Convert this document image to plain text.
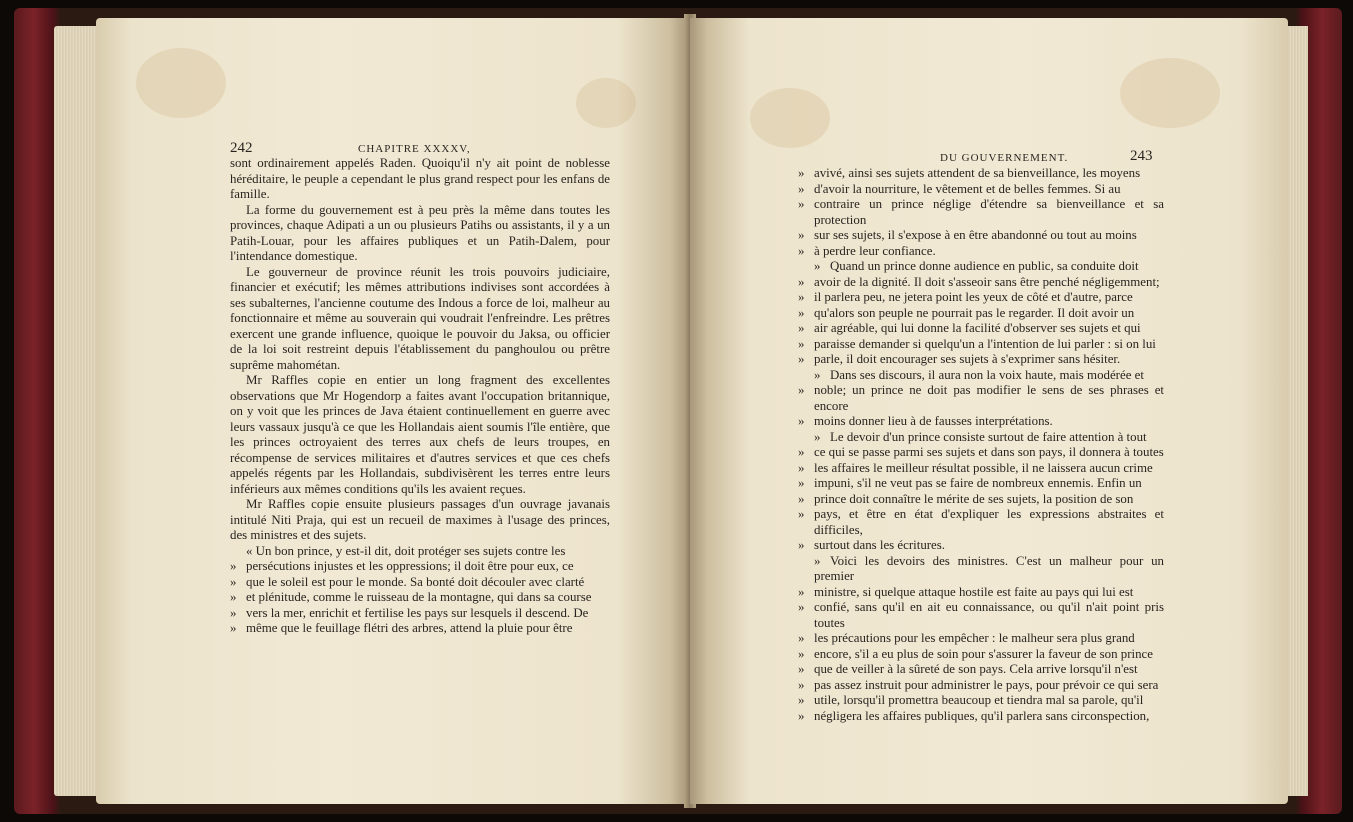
242	CHAPITRE XXXXV,

sont ordinairement appelés Raden. Quoiqu'il n'y ait point de noblesse héréditaire, le peuple a cependant le plus grand respect pour les enfans de famille.

La forme du gouvernement est à peu près la même dans toutes les provinces, chaque Adipati a un ou plusieurs Patihs ou assistants, il y a un Patih-Louar, pour les affaires publiques et un Patih-Dalem, pour l'intendance domestique.

Le gouverneur de province réunit les trois pouvoirs judiciaire, financier et exécutif; les mêmes attributions indivises sont accordées à ses subalternes, l'ancienne coutume des Indous a force de loi, malheur au fonctionnaire et même au souverain qui voudrait l'enfreindre. Les prêtres exercent une grande influence, quoique le pouvoir du Jaksa, ou officier de la loi soit restreint depuis l'établissement du panghoulou ou prêtre suprême mahométan.

Mr Raffles copie en entier un long fragment des excellentes observations que Mr Hogendorp a faites avant l'occupation britannique, on y voit que les princes de Java étaient continuellement en guerre avec leurs vassaux jusqu'à ce que les Hollandais aient soumis l'île entière, que les princes octroyaient des terres aux chefs de leurs troupes, en récompense de services militaires et d'autres services et que ces chefs appelés régents par les Hollandais, subdivisèrent les terres entre leurs inférieurs aux mêmes conditions qu'ils les avaient reçues.

Mr Raffles copie ensuite plusieurs passages d'un ouvrage javanais intitulé Niti Praja, qui est un recueil de maximes à l'usage des princes, des ministres et des sujets.

« Un bon prince, y est-il dit, doit protéger ses sujets contre les

» persécutions injustes et les oppressions; il doit être pour eux, ce

» que le soleil est pour le monde. Sa bonté doit découler avec clarté

» et plénitude, comme le ruisseau de la montagne, qui dans sa course

» vers la mer, enrichit et fertilise les pays sur lesquels il descend. De

» même que le feuillage flétri des arbres, attend la pluie pour être

DU GOUVERNEMENT.	243

» avivé, ainsi ses sujets attendent de sa bienveillance, les moyens

» d'avoir la nourriture, le vêtement et de belles femmes. Si au

» contraire un prince néglige d'étendre sa bienveillance et sa protection

» sur ses sujets, il s'expose à en être abandonné ou tout au moins

» à perdre leur confiance.

» Quand un prince donne audience en public, sa conduite doit

» avoir de la dignité. Il doit s'asseoir sans être penché négligemment;

» il parlera peu, ne jetera point les yeux de côté et d'autre, parce

» qu'alors son peuple ne pourrait pas le regarder. Il doit avoir un

» air agréable, qui lui donne la facilité d'observer ses sujets et qui

» paraisse demander si quelqu'un a l'intention de lui parler : si on lui

» parle, il doit encourager ses sujets à s'exprimer sans hésiter.

» Dans ses discours, il aura non la voix haute, mais modérée et

» noble; un prince ne doit pas modifier le sens de ses phrases et encore

» moins donner lieu à de fausses interprétations.

» Le devoir d'un prince consiste surtout de faire attention à tout

» ce qui se passe parmi ses sujets et dans son pays, il donnera à toutes

» les affaires le meilleur résultat possible, il ne laissera aucun crime

» impuni, s'il ne veut pas se faire de nombreux ennemis. Enfin un

» prince doit connaître le mérite de ses sujets, la position de son

» pays, et être en état d'expliquer les expressions abstraites et difficiles,

» surtout dans les écritures.

» Voici les devoirs des ministres. C'est un malheur pour un premier

» ministre, si quelque attaque hostile est faite au pays qui lui est

» confié, sans qu'il en ait eu connaissance, ou qu'il n'ait point pris toutes

» les précautions pour les empêcher : le malheur sera plus grand

» encore, s'il a eu plus de soin pour s'assurer la faveur de son prince

» que de veiller à la sûreté de son pays. Cela arrive lorsqu'il n'est

» pas assez instruit pour administrer le pays, pour prévoir ce qui sera

» utile, lorsqu'il promettra beaucoup et tiendra mal sa parole, qu'il

» négligera les affaires publiques, qu'il parlera sans circonspection,
